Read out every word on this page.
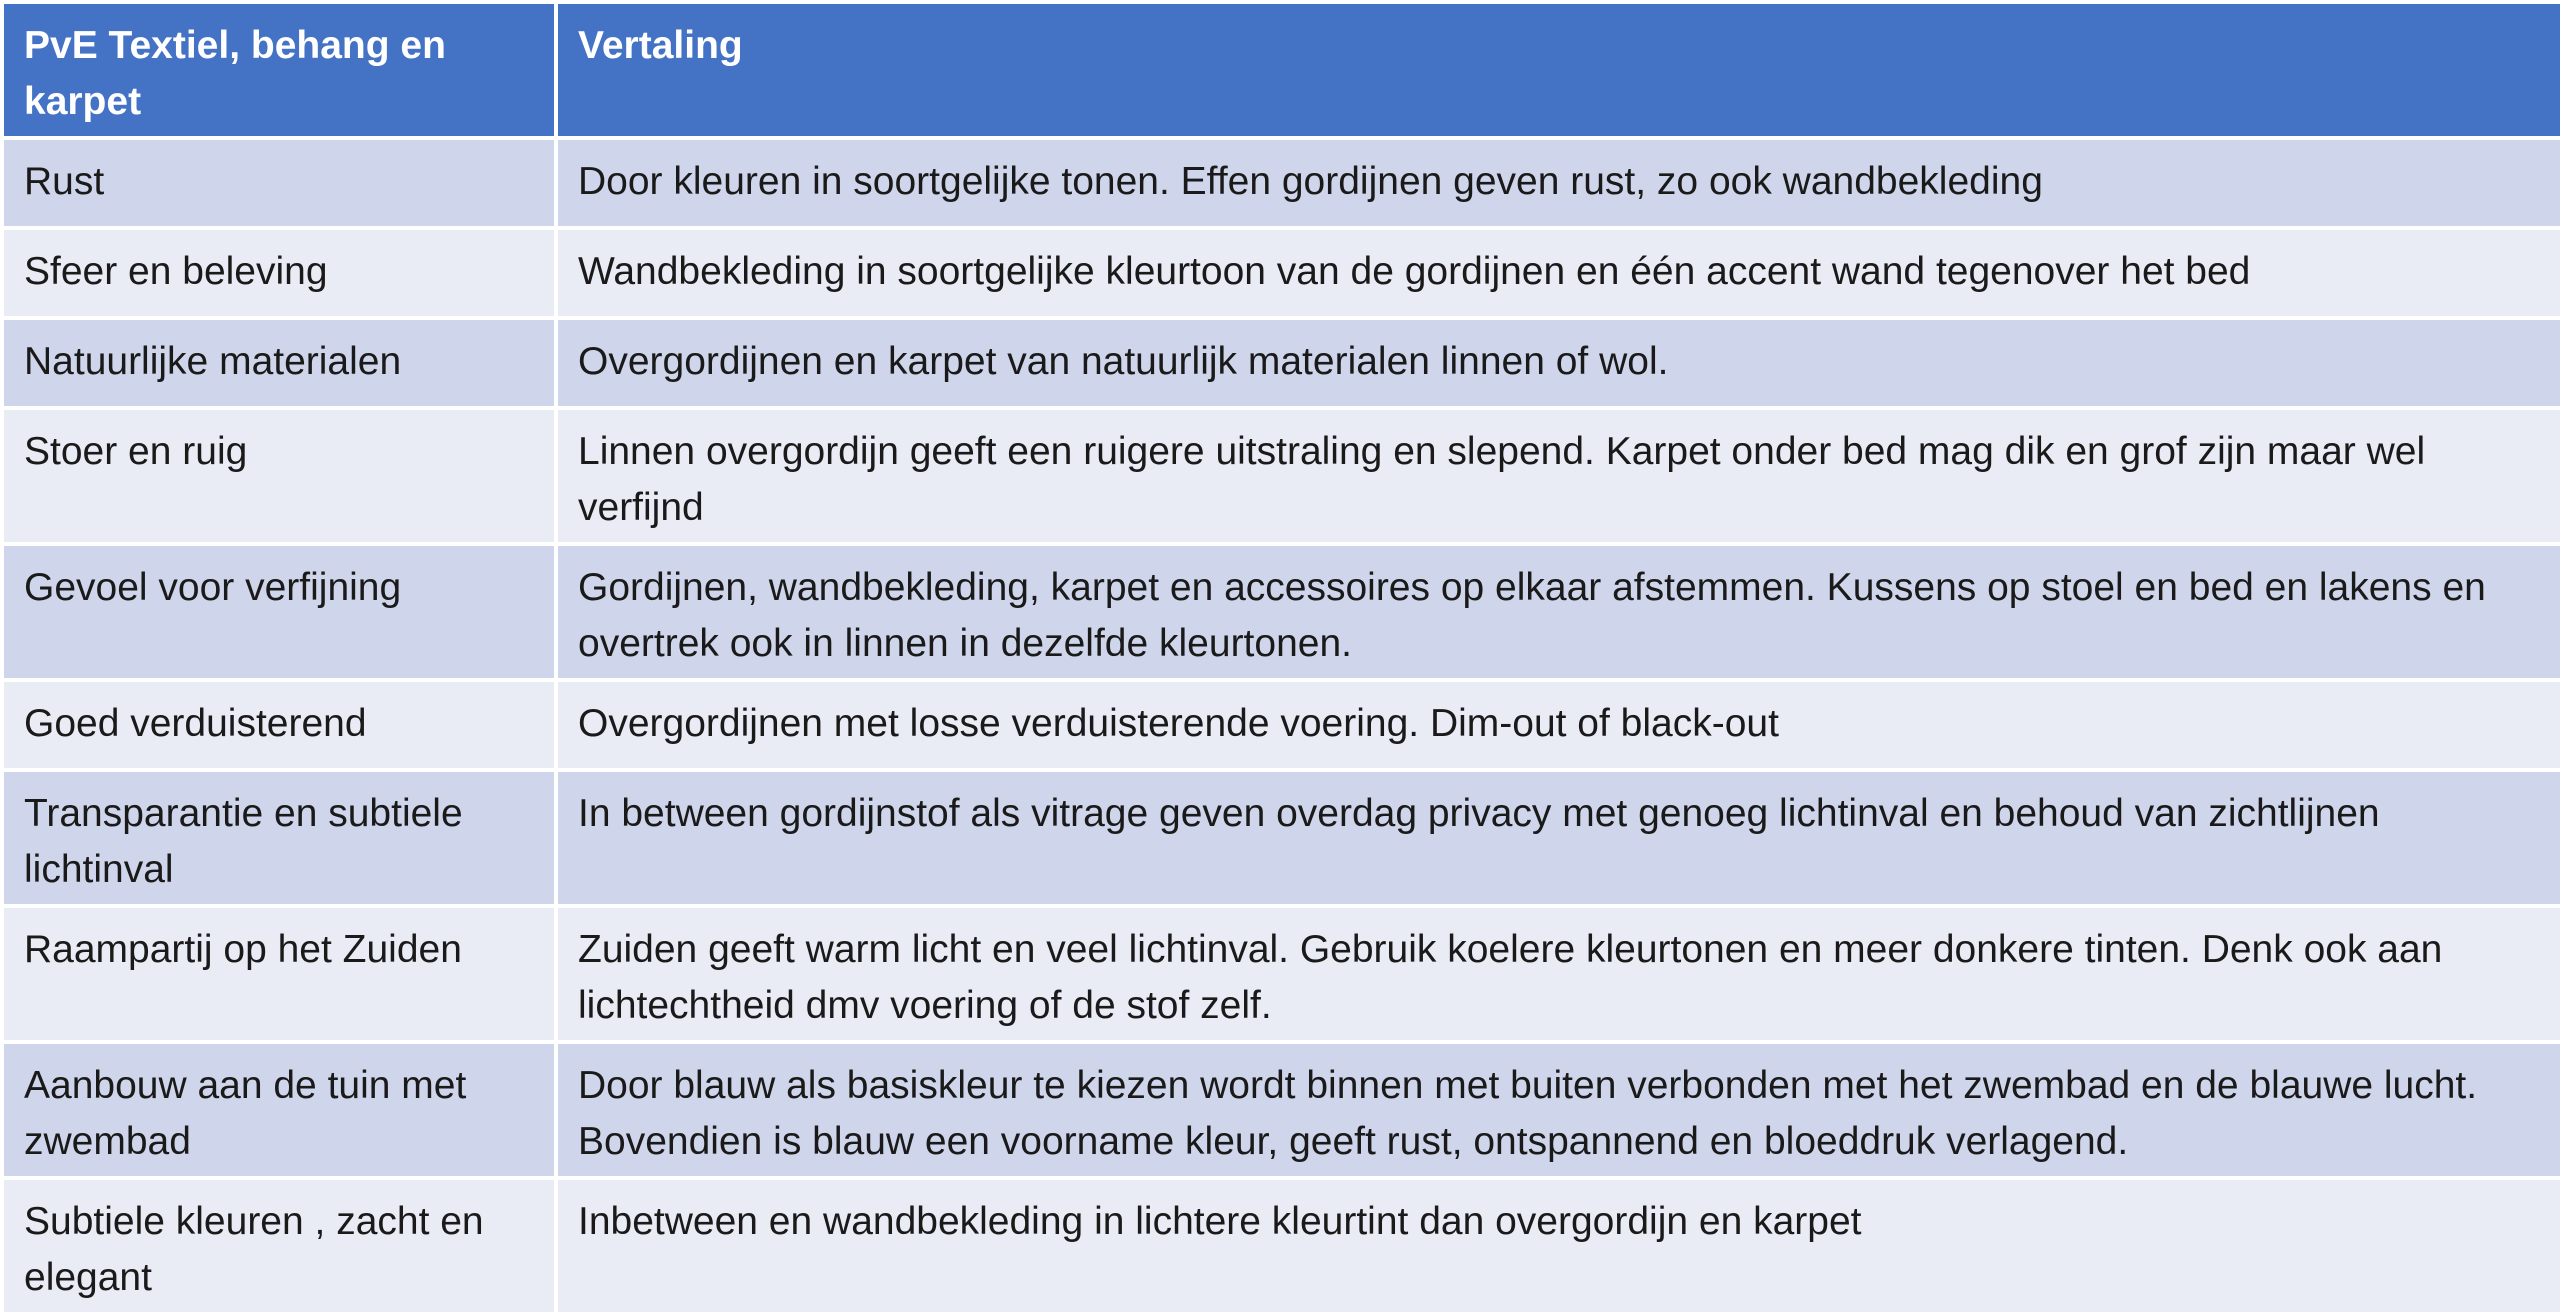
PvE Textiel, behang en karpet	Vertaling
Rust	Door kleuren in soortgelijke tonen. Effen gordijnen geven rust, zo ook wandbekleding
Sfeer en beleving	Wandbekleding in soortgelijke kleurtoon van de gordijnen en één accent wand tegenover het bed
Natuurlijke materialen	Overgordijnen en karpet van natuurlijk materialen linnen of wol.
Stoer en ruig	Linnen overgordijn geeft een ruigere uitstraling en slepend. Karpet onder bed mag dik en grof zijn maar wel verfijnd
Gevoel voor verfijning	Gordijnen, wandbekleding, karpet en accessoires op elkaar afstemmen. Kussens op stoel en bed en lakens en overtrek ook in linnen in dezelfde kleurtonen.
Goed verduisterend	Overgordijnen met losse verduisterende voering. Dim-out of black-out
Transparantie en subtiele lichtinval	In between gordijnstof als vitrage geven overdag privacy met genoeg lichtinval en behoud van zichtlijnen
Raampartij op het Zuiden	Zuiden geeft warm licht en veel lichtinval. Gebruik koelere kleurtonen en meer donkere tinten. Denk ook aan lichtechtheid dmv voering of de stof zelf.
Aanbouw aan de tuin met zwembad	Door blauw als basiskleur te kiezen wordt binnen met buiten verbonden met het zwembad en de blauwe lucht. Bovendien is blauw een voorname kleur, geeft rust, ontspannend en bloeddruk verlagend.
Subtiele kleuren , zacht en elegant	Inbetween en wandbekleding in lichtere kleurtint dan overgordijn en karpet
